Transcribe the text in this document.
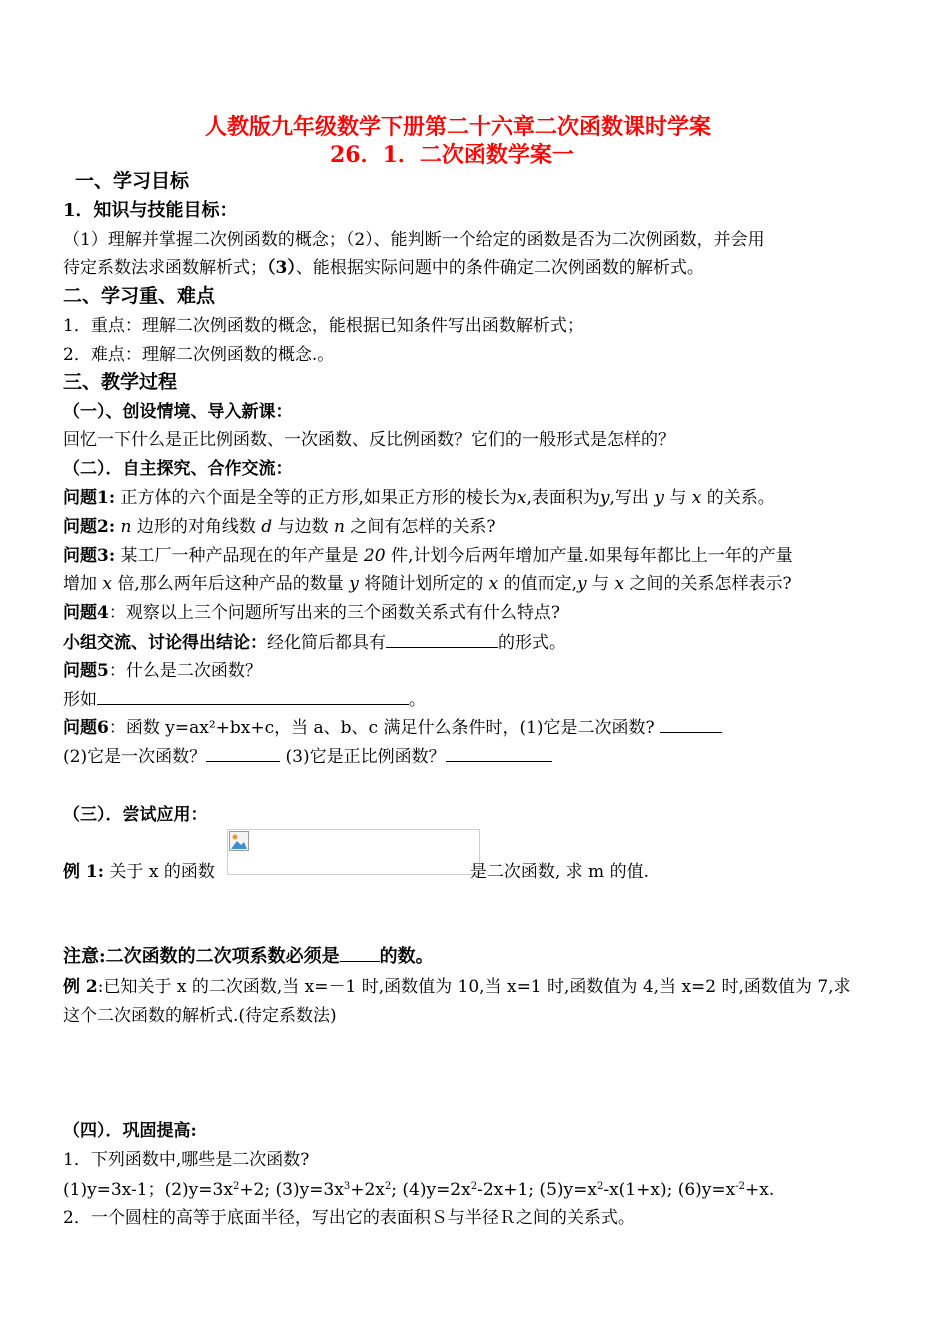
人教版九年级数学下册第二十六章二次函数课时学案
26．1．二次函数学案一
一、学习目标
1．知识与技能目标：
（1）理解并掌握二次例函数的概念；（2）、能判断一个给定的函数是否为二次例函数，并会用
待定系数法求函数解析式；（3）、能根据实际问题中的条件确定二次例函数的解析式。
二、学习重、难点
1．重点：理解二次例函数的概念，能根据已知条件写出函数解析式；
2．难点：理解二次例函数的概念.。
三、教学过程
（一）、创设情境、导入新课：
回忆一下什么是正比例函数、一次函数、反比例函数？它们的一般形式是怎样的？
（二）．自主探究、合作交流：
问题1: 正方体的六个面是全等的正方形,如果正方形的棱长为x,表面积为y,写出 y 与 x 的关系。
问题2: n 边形的对角线数 d 与边数 n 之间有怎样的关系?
问题3: 某工厂一种产品现在的年产量是 20 件,计划今后两年增加产量.如果每年都比上一年的产量
增加 x 倍,那么两年后这种产品的数量 y 将随计划所定的 x 的值而定,y 与 x 之间的关系怎样表示?
问题4：观察以上三个问题所写出来的三个函数关系式有什么特点?
小组交流、讨论得出结论：经化简后都具有	的形式。
问题5：什么是二次函数？
形如	。
问题6：函数 y=ax²+bx+c，当 a、b、c 满足什么条件时，(1)它是二次函数?
(2)它是一次函数？	(3)它是正比例函数？
（三）．尝试应用：
例 1: 关于 x 的函数	是二次函数, 求 m 的值.
注意:二次函数的二次项系数必须是 的数。
例 2:已知关于 x 的二次函数,当 x=－1 时,函数值为 10,当 x=1 时,函数值为 4,当 x=2 时,函数值为 7,求
这个二次函数的解析式.(待定系数法)
（四）．巩固提高:
1．下列函数中,哪些是二次函数?
(1)y=3x-1；$(2)y=3x^2+2$; $(3)y=3x^3+2x^2$; $(4)y=2x^2-2x+1$; $(5)y=x^2-x(1+x)$; $(6)y=x^{-2}+x$.
2．一个圆柱的高等于底面半径，写出它的表面积Ｓ与半径Ｒ之间的关系式。
